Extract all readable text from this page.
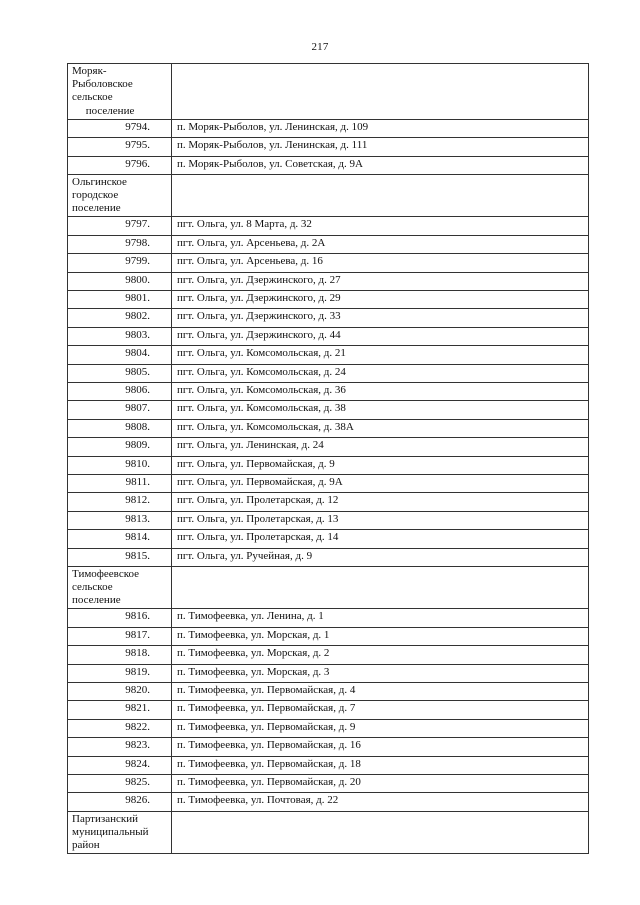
217
Моряк-
Рыболовское
сельское
поселение	

9794.	п. Моряк-Рыболов, ул. Ленинская, д. 109
9795.	п. Моряк-Рыболов, ул. Ленинская, д. 111
9796.	п. Моряк-Рыболов, ул. Советская, д. 9А

Ольгинское
городское
поселение	

9797.	пгт. Ольга, ул. 8 Марта, д. 32
9798.	пгт. Ольга, ул. Арсеньева, д. 2А
9799.	пгт. Ольга, ул. Арсеньева, д. 16
9800.	пгт. Ольга, ул. Дзержинского, д. 27
9801.	пгт. Ольга, ул. Дзержинского, д. 29
9802.	пгт. Ольга, ул. Дзержинского, д. 33
9803.	пгт. Ольга, ул. Дзержинского, д. 44
9804.	пгт. Ольга, ул. Комсомольская, д. 21
9805.	пгт. Ольга, ул. Комсомольская, д. 24
9806.	пгт. Ольга, ул. Комсомольская, д. 36
9807.	пгт. Ольга, ул. Комсомольская, д. 38
9808.	пгт. Ольга, ул. Комсомольская, д. 38А
9809.	пгт. Ольга, ул. Ленинская, д. 24
9810.	пгт. Ольга, ул. Первомайская, д. 9
9811.	пгт. Ольга, ул. Первомайская, д. 9А
9812.	пгт. Ольга, ул. Пролетарская, д. 12
9813.	пгт. Ольга, ул. Пролетарская, д. 13
9814.	пгт. Ольга, ул. Пролетарская, д. 14
9815.	пгт. Ольга, ул. Ручейная, д. 9

Тимофеевское
сельское
поселение	

9816.	п. Тимофеевка, ул. Ленина, д. 1
9817.	п. Тимофеевка, ул. Морская, д. 1
9818.	п. Тимофеевка, ул. Морская, д. 2
9819.	п. Тимофеевка, ул. Морская, д. 3
9820.	п. Тимофеевка, ул. Первомайская, д. 4
9821.	п. Тимофеевка, ул. Первомайская, д. 7
9822.	п. Тимофеевка, ул. Первомайская, д. 9
9823.	п. Тимофеевка, ул. Первомайская, д. 16
9824.	п. Тимофеевка, ул. Первомайская, д. 18
9825.	п. Тимофеевка, ул. Первомайская, д. 20
9826.	п. Тимофеевка, ул. Почтовая, д. 22

Партизанский
муниципальный
район	
